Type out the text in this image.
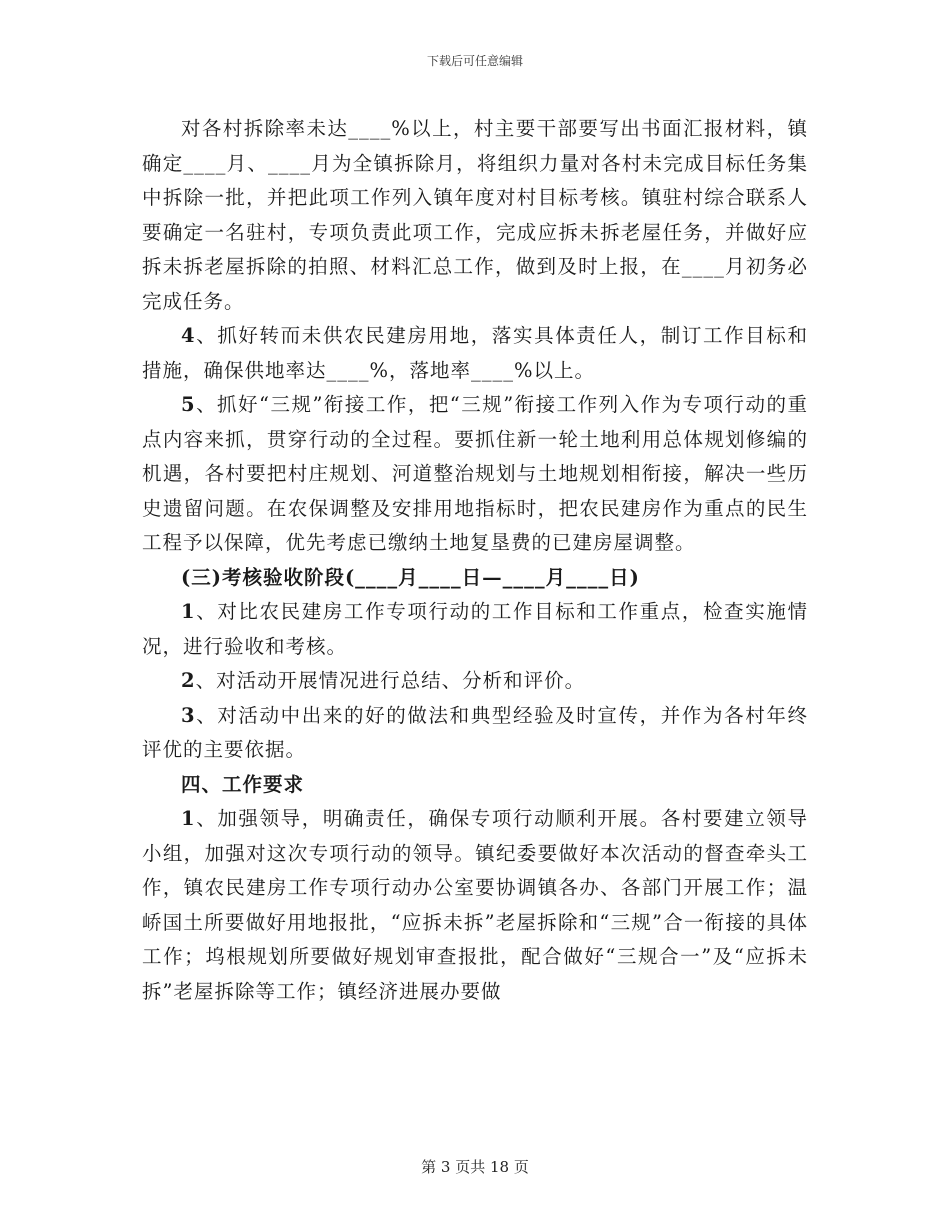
下载后可任意编辑

对各村拆除率未达____%以上，村主要干部要写出书面汇报材料，镇确定____月、____月为全镇拆除月，将组织力量对各村未完成目标任务集中拆除一批，并把此项工作列入镇年度对村目标考核。镇驻村综合联系人要确定一名驻村，专项负责此项工作，完成应拆未拆老屋任务，并做好应拆未拆老屋拆除的拍照、材料汇总工作，做到及时上报，在____月初务必完成任务。

4、抓好转而未供农民建房用地，落实具体责任人，制订工作目标和措施，确保供地率达____%，落地率____%以上。

5、抓好“三规”衔接工作，把“三规”衔接工作列入作为专项行动的重点内容来抓，贯穿行动的全过程。要抓住新一轮土地利用总体规划修编的机遇，各村要把村庄规划、河道整治规划与土地规划相衔接，解决一些历史遗留问题。在农保调整及安排用地指标时，把农民建房作为重点的民生工程予以保障，优先考虑已缴纳土地复垦费的已建房屋调整。

(三)考核验收阶段(____月____日—____月____日)

1、对比农民建房工作专项行动的工作目标和工作重点，检查实施情况，进行验收和考核。

2、对活动开展情况进行总结、分析和评价。

3、对活动中出来的好的做法和典型经验及时宣传，并作为各村年终评优的主要依据。

四、工作要求

1、加强领导，明确责任，确保专项行动顺利开展。各村要建立领导小组，加强对这次专项行动的领导。镇纪委要做好本次活动的督查牵头工作，镇农民建房工作专项行动办公室要协调镇各办、各部门开展工作；温峤国土所要做好用地报批，“应拆未拆”老屋拆除和“三规”合一衔接的具体工作；坞根规划所要做好规划审查报批，配合做好“三规合一”及“应拆未拆”老屋拆除等工作；镇经济进展办要做

第 3 页共 18 页
